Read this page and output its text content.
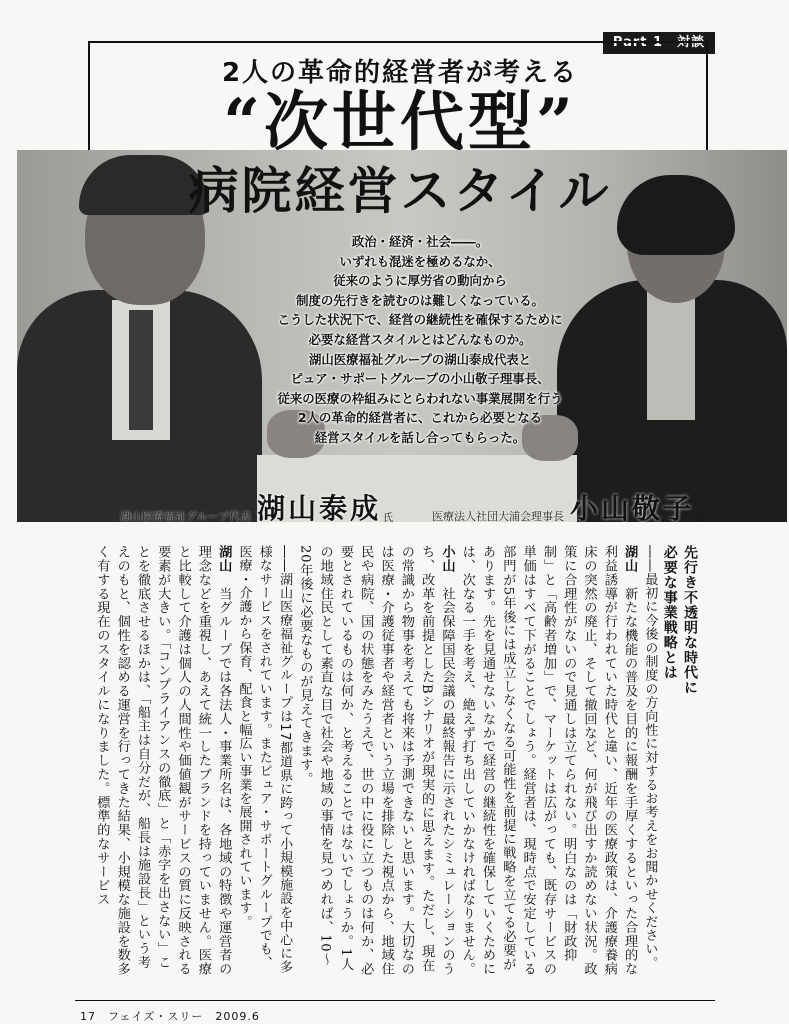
2人の革命的経営者が考える
“次世代型”
病院経営スタイル
政治・経済・社会――。
いずれも混迷を極めるなか、
従来のように厚労省の動向から
制度の先行きを読むのは難しくなっている。
こうした状況下で、経営の継続性を確保するために
必要な経営スタイルとはどんなものか。
湖山医療福祉グループの湖山泰成代表と
ピュア・サポートグループの小山敬子理事長、
従来の医療の枠組みにとらわれない事業展開を行う
2人の革命的経営者に、これから必要となる
経営スタイルを話し合ってもらった。
湖山医療福祉グループ代表 湖山泰成 氏	医療法人社団大浦会理事長 小山敬子 氏

先行き不透明な時代に

必要な事業戦略とは

――最初に今後の制度の方向性に対するお考えをお聞かせください。

湖山　新たな機能の普及を目的に報酬を手厚くするといった合理的な利益誘導が行われていた時代と違い、近年の医療政策は、介護療養病床の突然の廃止、そして撤回など、何が飛び出すか読めない状況。政策に合理性がないので見通しは立てられない。明白なのは「財政抑制」と「高齢者増加」で、マーケットは広がっても、既存サービスの単価はすべて下がることでしょう。経営者は、現時点で安定している部門が5年後には成立しなくなる可能性を前提に戦略を立てる必要があります。先を見通せないなかで経営の継続性を確保していくためには、次なる一手を考え、絶えず打ち出していかなければなりません。

小山　社会保障国民会議の最終報告に示されたシミュレーションのうち、改革を前提としたBシナリオが現実的に思えます。ただし、現在の常識から物事を考えても将来は予測できないと思います。大切なのは医療・介護従事者や経営者という立場を排除した視点から、地域住民や病院、国の状態をみたうえで、世の中に役に立つものは何か、必要とされているものは何か、と考えることではないでしょうか。1人の地域住民として素直な目で社会や地域の事情を見つめれば、10～20年後に必要なものが見えてきます。

――湖山医療福祉グループは17都道県に跨って小規模施設を中心に多様なサービスをされています。またピュア・サポートグループでも、医療・介護から保育、配食と幅広い事業を展開されています。

湖山　当グループでは各法人・事業所名は、各地域の特徴や運営者の理念などを重視し、あえて統一したブランドを持っていません。医療と比較して介護は個人の人間性や価値観がサービスの質に反映される要素が大きい。「コンプライアンスの徹底」と「赤字を出さない」ことを徹底させるほかは、「船主は自分だが、船長は施設長」という考えのもと、個性を認める運営を行ってきた結果、小規模な施設を数多く有する現在のスタイルになりました。標準的なサービス

17　フェイズ・スリー　2009.6
